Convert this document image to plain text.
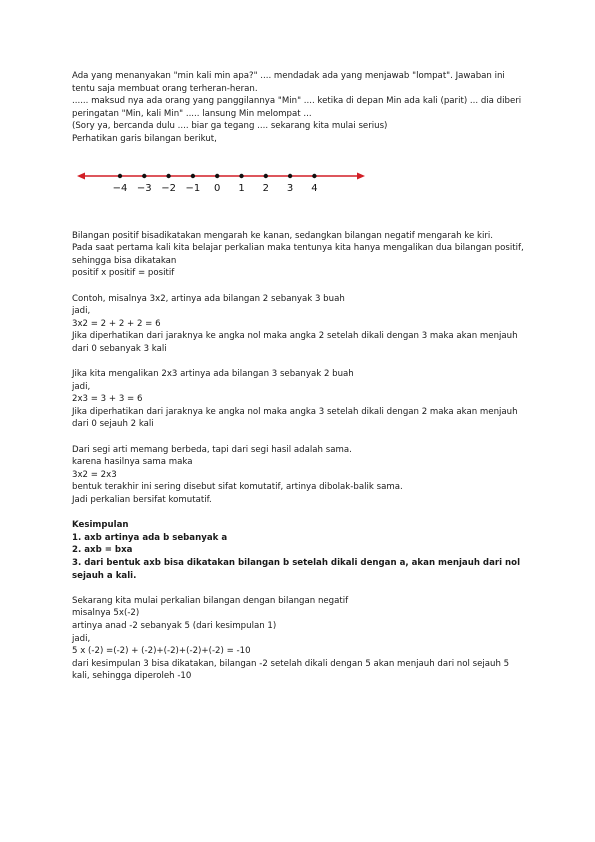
Ada yang menanyakan "min kali min apa?" .... mendadak ada yang menjawab "lompat". Jawaban ini tentu saja membuat orang terheran-heran.
...... maksud nya ada orang yang panggilannya "Min" .... ketika di depan Min ada kali (parit) ... dia diberi peringatan "Min, kali Min" ..... lansung Min melompat ...
(Sory ya, bercanda dulu .... biar ga tegang .... sekarang kita mulai serius)
Perhatikan garis bilangan berikut,
Bilangan positif bisadikatakan mengarah ke kanan, sedangkan bilangan negatif mengarah ke kiri.
Pada saat pertama kali kita belajar perkalian maka tentunya kita hanya mengalikan dua bilangan positif, sehingga bisa dikatakan
positif x positif = positif
Contoh, misalnya 3x2, artinya ada bilangan 2 sebanyak 3 buah
jadi,
3x2 = 2 + 2 + 2 = 6
Jika diperhatikan dari jaraknya ke angka nol maka angka 2 setelah dikali dengan 3 maka akan menjauh dari 0 sebanyak 3 kali
Jika kita mengalikan 2x3 artinya ada bilangan 3 sebanyak 2 buah
jadi,
2x3 = 3 + 3 = 6
Jika diperhatikan dari jaraknya ke angka nol maka angka 3 setelah dikali dengan 2 maka akan menjauh dari 0 sejauh 2 kali
Dari segi arti memang berbeda, tapi dari segi hasil adalah sama.
karena hasilnya sama maka
3x2 = 2x3
bentuk terakhir ini sering disebut sifat komutatif, artinya dibolak-balik sama.
Jadi perkalian bersifat komutatif.
Kesimpulan
1. axb artinya ada b sebanyak a
2. axb = bxa
3. dari bentuk axb bisa dikatakan bilangan b setelah dikali dengan a, akan menjauh dari nol sejauh a kali.
Sekarang kita mulai perkalian bilangan dengan bilangan negatif
misalnya 5x(-2)
artinya anad -2 sebanyak 5 (dari kesimpulan 1)
jadi,
5 x (-2) =(-2) + (-2)+(-2)+(-2)+(-2) = -10
dari kesimpulan 3 bisa dikatakan, bilangan -2 setelah dikali dengan 5 akan menjauh dari nol sejauh 5 kali, sehingga diperoleh -10
−4 −3 −2 −1 0 1 2 3 4
